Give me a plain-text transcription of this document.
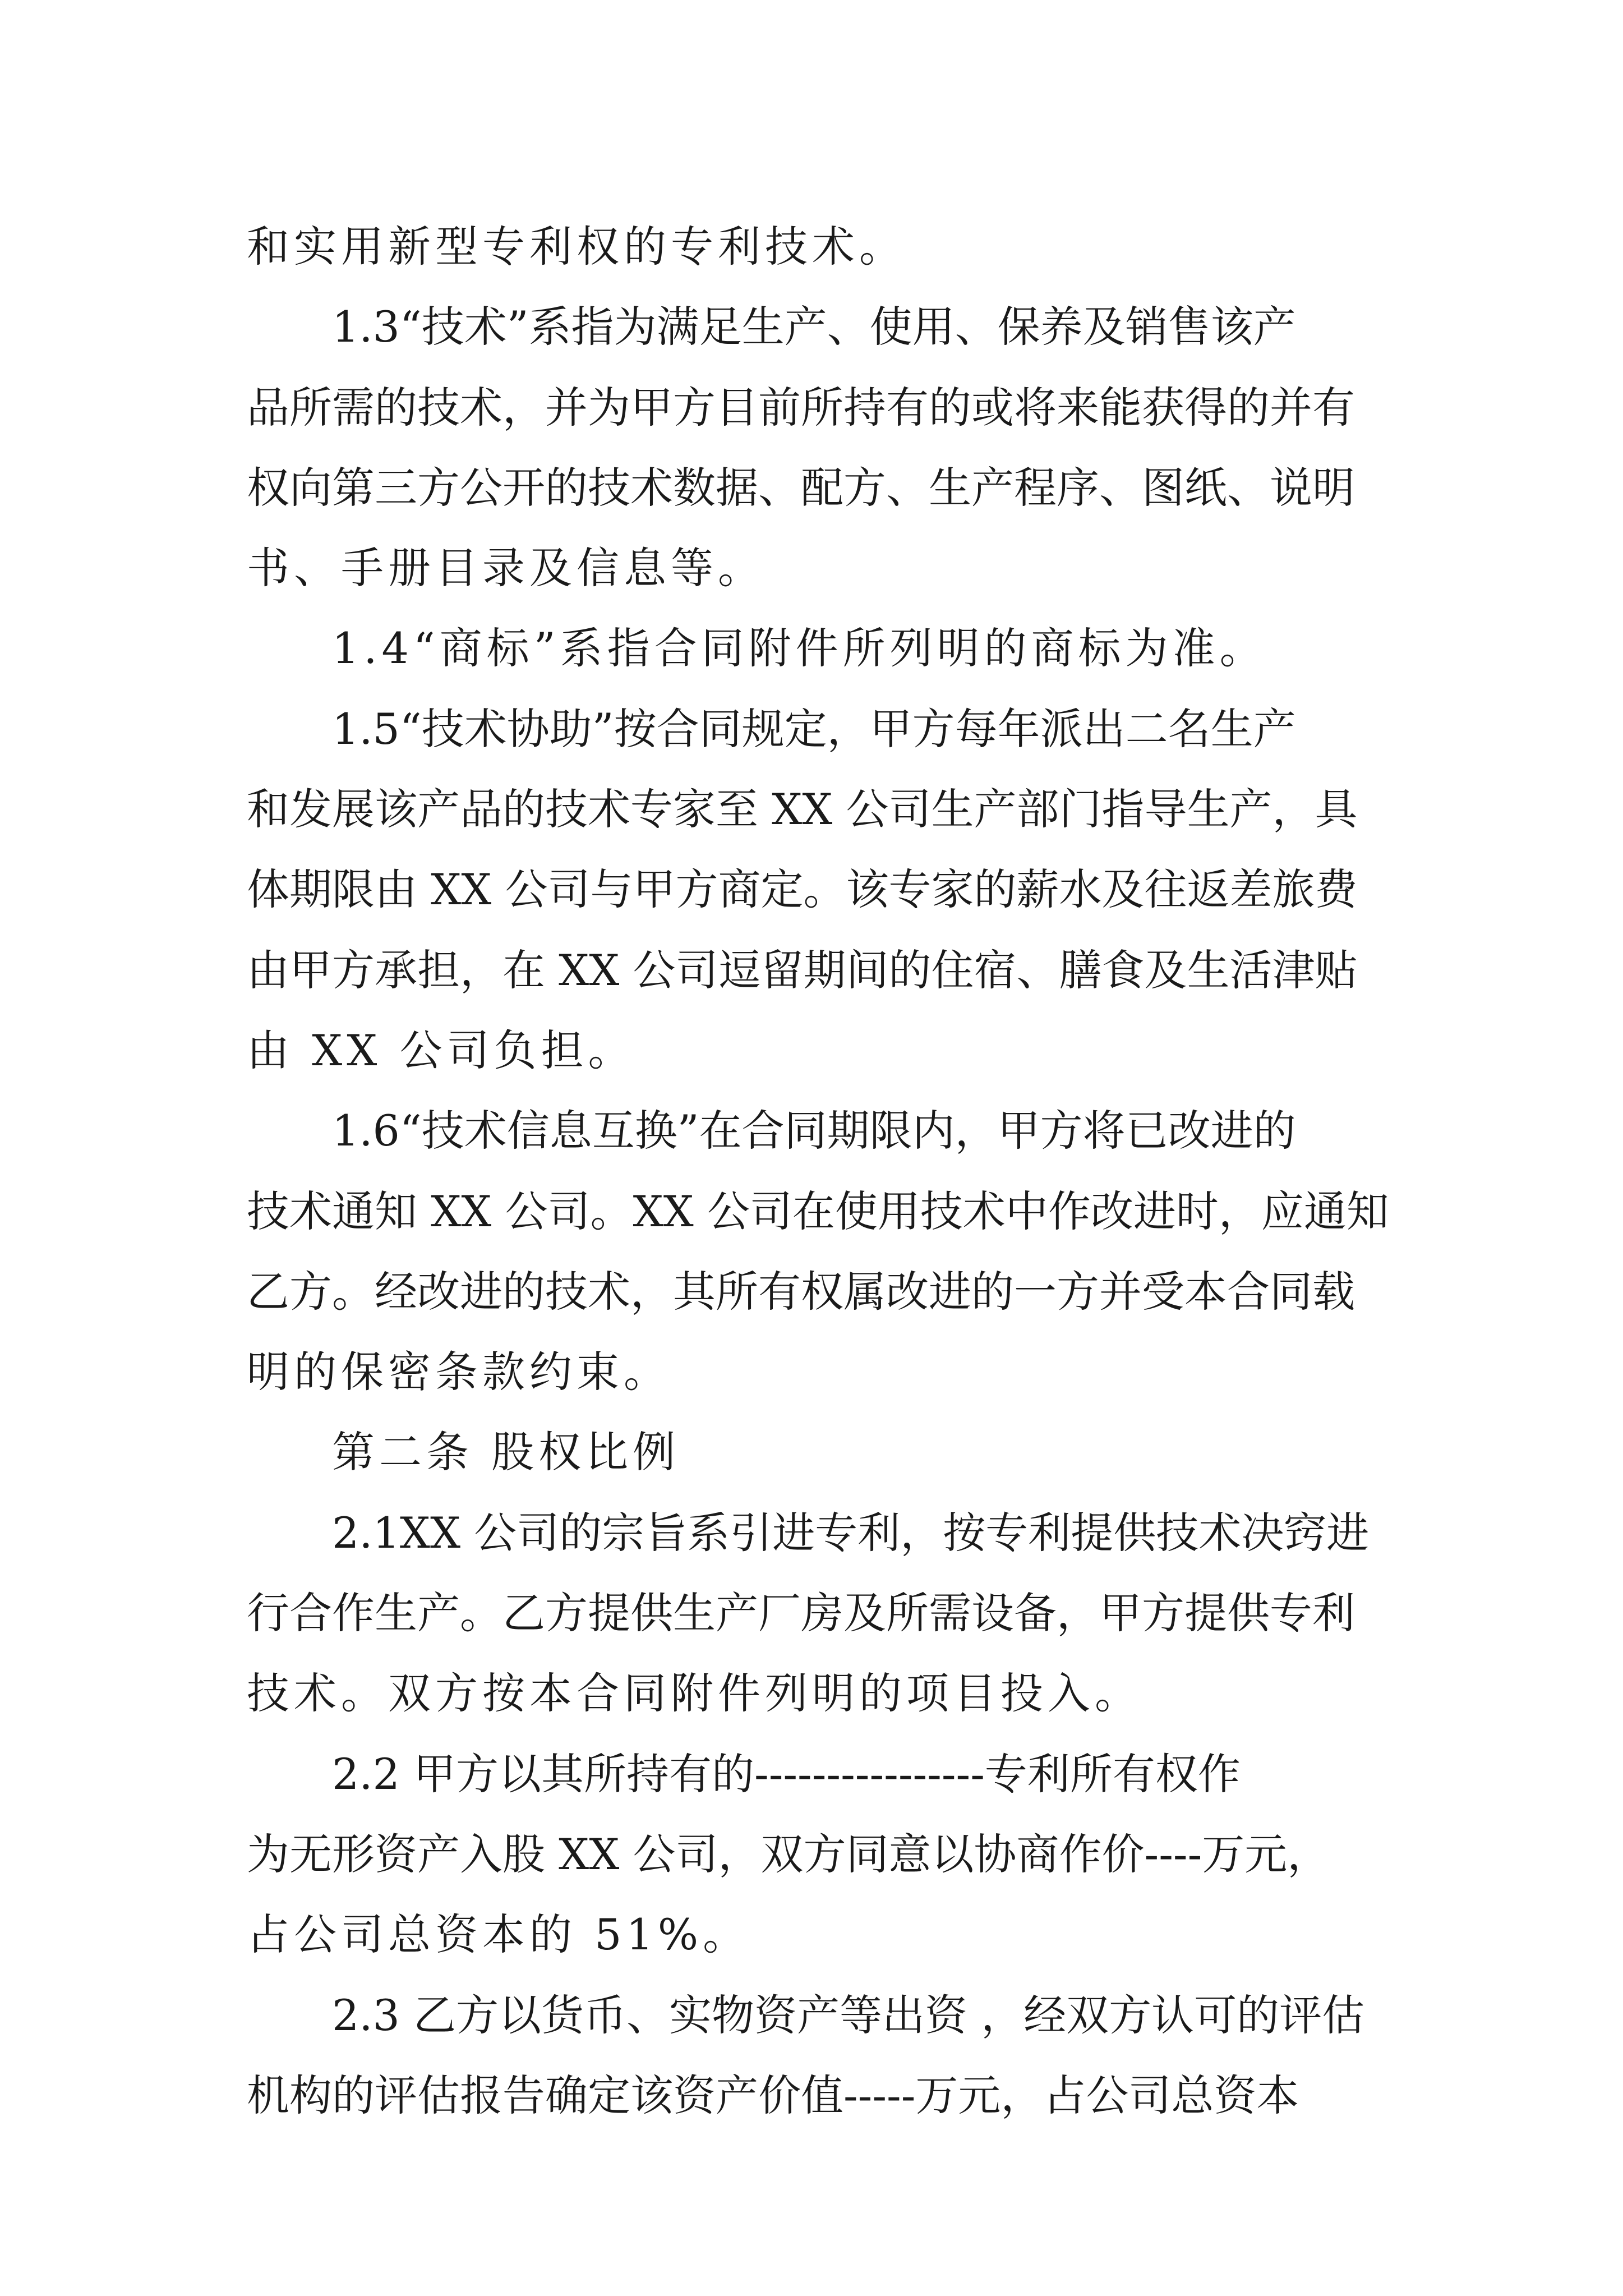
和实用新型专利权的专利技术。
1.3“技术”系指为满足生产、使用、保养及销售该产
品所需的技术，并为甲方目前所持有的或将来能获得的并有
权向第三方公开的技术数据、配方、生产程序、图纸、说明
书、手册目录及信息等。
1.4“商标”系指合同附件所列明的商标为准。
1.5“技术协助”按合同规定，甲方每年派出二名生产
和发展该产品的技术专家至 XX 公司生产部门指导生产，具
体期限由 XX 公司与甲方商定。该专家的薪水及往返差旅费
由甲方承担，在 XX 公司逗留期间的住宿、膳食及生活津贴
由 XX 公司负担。
1.6“技术信息互换”在合同期限内，甲方将已改进的
技术通知 XX 公司。XX 公司在使用技术中作改进时，应通知
乙方。经改进的技术，其所有权属改进的一方并受本合同载
明的保密条款约束。
第二条 股权比例
2.1XX 公司的宗旨系引进专利，按专利提供技术决窍进
行合作生产。乙方提供生产厂房及所需设备，甲方提供专利
技术。双方按本合同附件列明的项目投入。
2.2 甲方以其所持有的----------------专利所有权作
为无形资产入股 XX 公司，双方同意以协商作价----万元，
占公司总资本的 51%。
2.3 乙方以货币、实物资产等出资 ，经双方认可的评估
机构的评估报告确定该资产价值-----万元，占公司总资本
